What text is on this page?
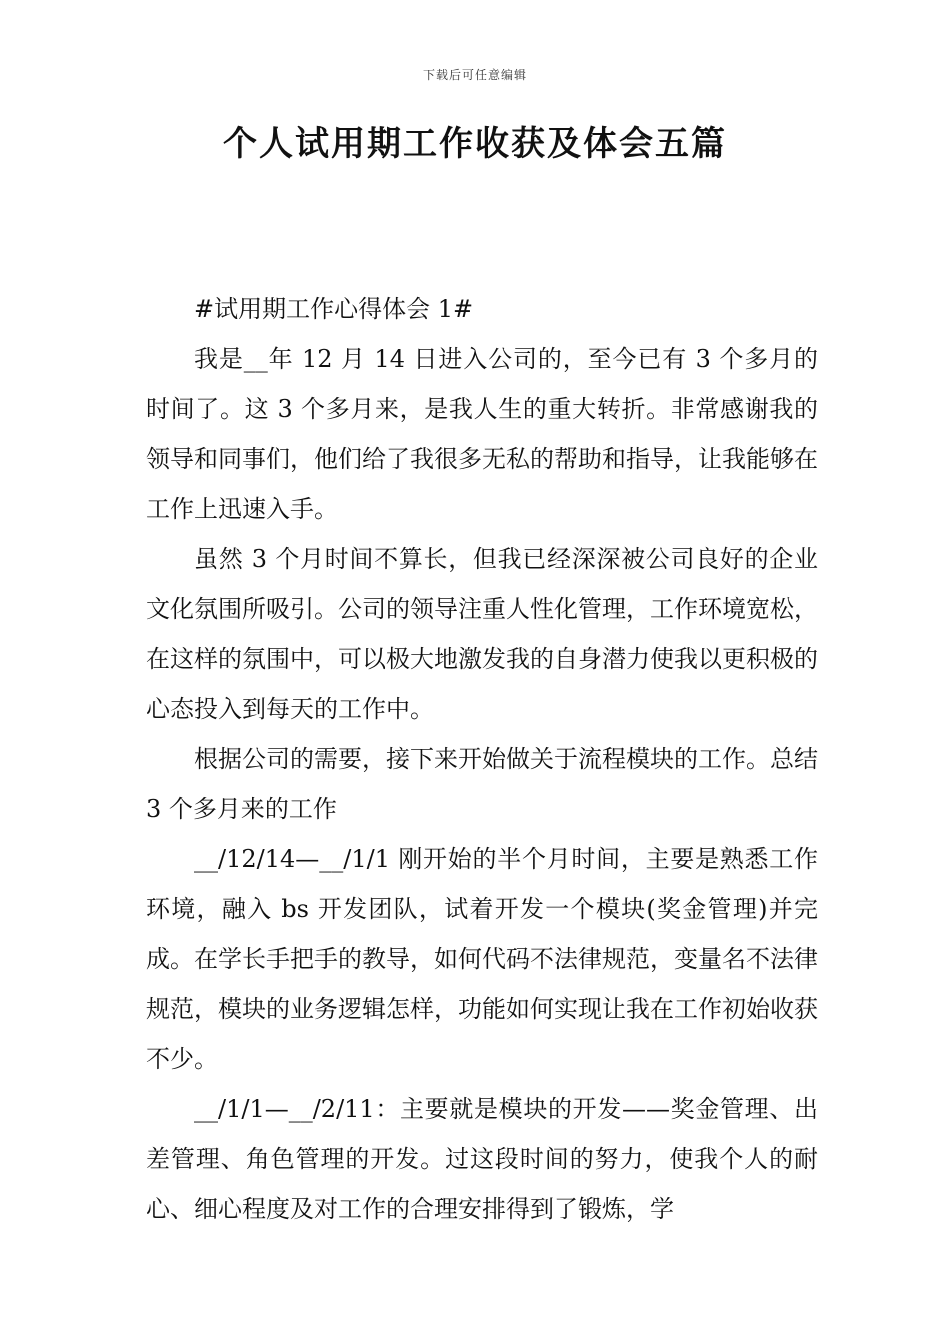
下载后可任意编辑
个人试用期工作收获及体会五篇

#试用期工作心得体会 1#

我是__年 12 月 14 日进入公司的，至今已有 3 个多月的时间了。这 3 个多月来，是我人生的重大转折。非常感谢我的领导和同事们，他们给了我很多无私的帮助和指导，让我能够在工作上迅速入手。

虽然 3 个月时间不算长，但我已经深深被公司良好的企业文化氛围所吸引。公司的领导注重人性化管理，工作环境宽松，在这样的氛围中，可以极大地激发我的自身潜力使我以更积极的心态投入到每天的工作中。

根据公司的需要，接下来开始做关于流程模块的工作。总结 3 个多月来的工作

__/12/14—__/1/1 刚开始的半个月时间，主要是熟悉工作环境，融入 bs 开发团队，试着开发一个模块(奖金管理)并完成。在学长手把手的教导，如何代码不法律规范，变量名不法律规范，模块的业务逻辑怎样，功能如何实现让我在工作初始收获不少。

__/1/1—__/2/11：主要就是模块的开发——奖金管理、出差管理、角色管理的开发。过这段时间的努力，使我个人的耐心、细心程度及对工作的合理安排得到了锻炼，学
